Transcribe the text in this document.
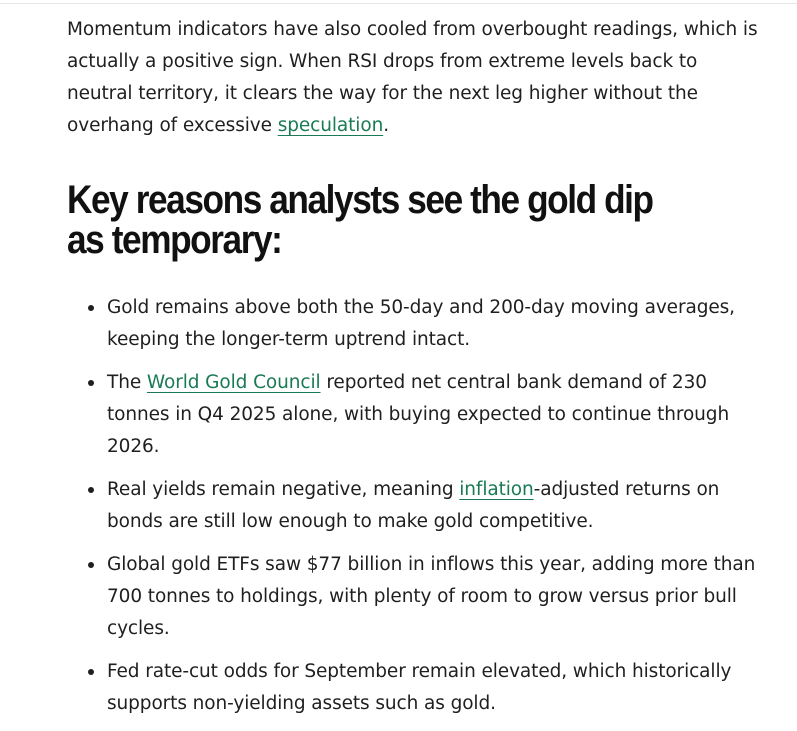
Momentum indicators have also cooled from overbought readings, which is actually a positive sign. When RSI drops from extreme levels back to neutral territory, it clears the way for the next leg higher without the overhang of excessive speculation.

Key reasons analysts see the gold dip as temporary:
Gold remains above both the 50-day and 200-day moving averages, keeping the longer-term uptrend intact.
The World Gold Council reported net central bank demand of 230 tonnes in Q4 2025 alone, with buying expected to continue through 2026.
Real yields remain negative, meaning inflation-adjusted returns on bonds are still low enough to make gold competitive.
Global gold ETFs saw $77 billion in inflows this year, adding more than 700 tonnes to holdings, with plenty of room to grow versus prior bull cycles.
Fed rate-cut odds for September remain elevated, which historically supports non-yielding assets such as gold.
